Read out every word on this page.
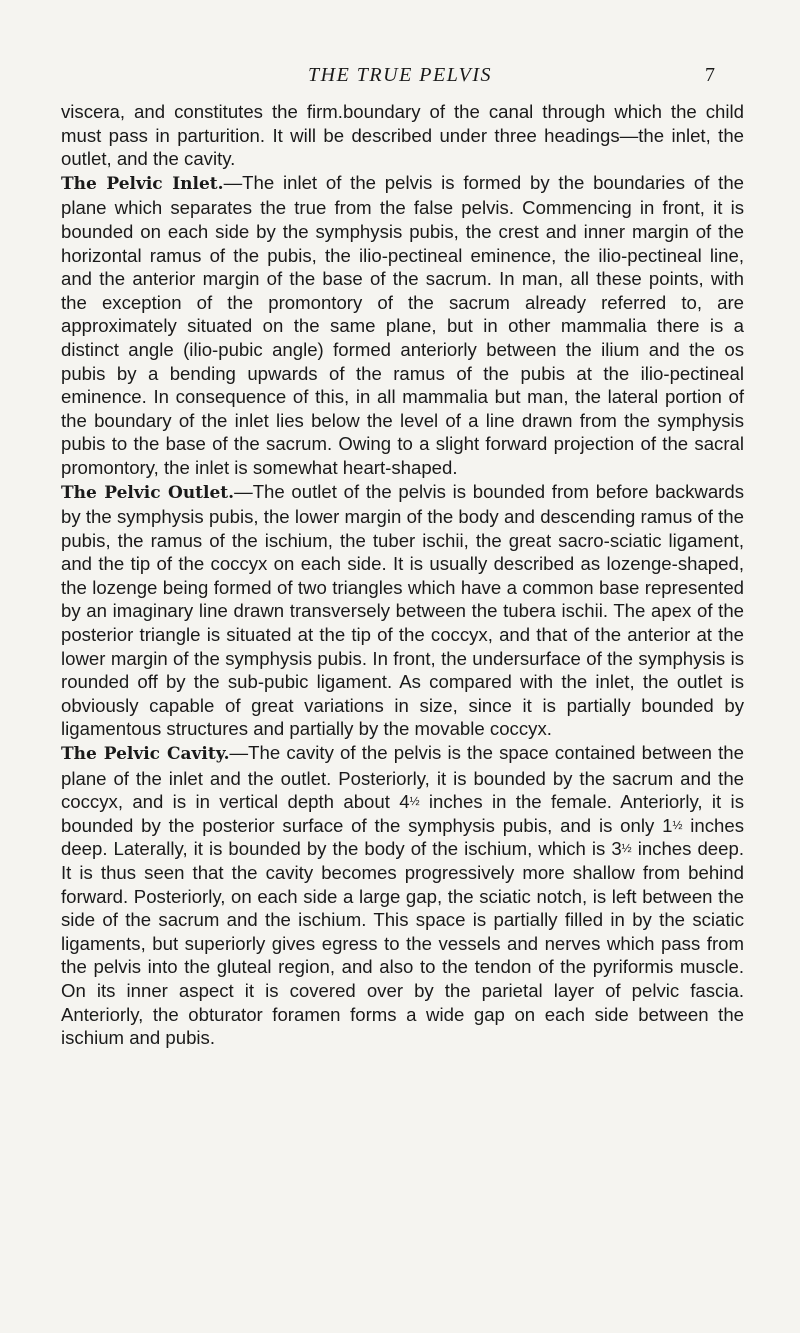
THE TRUE PELVIS	7

viscera, and constitutes the firm.boundary of the canal through which the child must pass in parturition. It will be described under three headings—the inlet, the outlet, and the cavity.

The Pelvic Inlet.—The inlet of the pelvis is formed by the boundaries of the plane which separates the true from the false pelvis. Commencing in front, it is bounded on each side by the symphysis pubis, the crest and inner margin of the horizontal ramus of the pubis, the ilio-pectineal eminence, the ilio-pectineal line, and the anterior margin of the base of the sacrum. In man, all these points, with the exception of the promontory of the sacrum already referred to, are approximately situated on the same plane, but in other mammalia there is a distinct angle (ilio-pubic angle) formed anteriorly between the ilium and the os pubis by a bending upwards of the ramus of the pubis at the ilio-pectineal eminence. In consequence of this, in all mammalia but man, the lateral portion of the boundary of the inlet lies below the level of a line drawn from the symphysis pubis to the base of the sacrum. Owing to a slight forward projection of the sacral promontory, the inlet is somewhat heart-shaped.

The Pelvic Outlet.—The outlet of the pelvis is bounded from before backwards by the symphysis pubis, the lower margin of the body and descending ramus of the pubis, the ramus of the ischium, the tuber ischii, the great sacro-sciatic ligament, and the tip of the coccyx on each side. It is usually described as lozenge-shaped, the lozenge being formed of two triangles which have a common base represented by an imaginary line drawn transversely between the tubera ischii. The apex of the posterior triangle is situated at the tip of the coccyx, and that of the anterior at the lower margin of the symphysis pubis. In front, the undersurface of the symphysis is rounded off by the sub-pubic ligament. As compared with the inlet, the outlet is obviously capable of great variations in size, since it is partially bounded by ligamentous structures and partially by the movable coccyx.

The Pelvic Cavity.—The cavity of the pelvis is the space contained between the plane of the inlet and the outlet. Posteriorly, it is bounded by the sacrum and the coccyx, and is in vertical depth about 4½ inches in the female. Anteriorly, it is bounded by the posterior surface of the symphysis pubis, and is only 1½ inches deep. Laterally, it is bounded by the body of the ischium, which is 3½ inches deep. It is thus seen that the cavity becomes progressively more shallow from behind forward. Posteriorly, on each side a large gap, the sciatic notch, is left between the side of the sacrum and the ischium. This space is partially filled in by the sciatic ligaments, but superiorly gives egress to the vessels and nerves which pass from the pelvis into the gluteal region, and also to the tendon of the pyriformis muscle. On its inner aspect it is covered over by the parietal layer of pelvic fascia. Anteriorly, the obturator foramen forms a wide gap on each side between the ischium and pubis.
